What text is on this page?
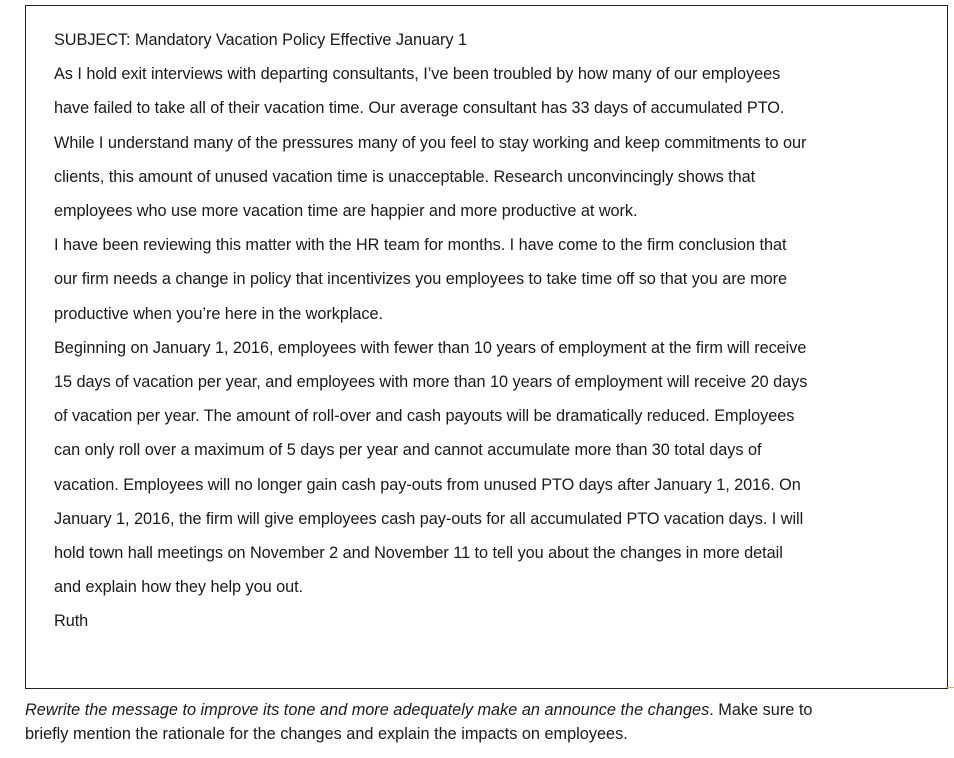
SUBJECT: Mandatory Vacation Policy Effective January 1
As I hold exit interviews with departing consultants, I’ve been troubled by how many of our employees
have failed to take all of their vacation time. Our average consultant has 33 days of accumulated PTO.
While I understand many of the pressures many of you feel to stay working and keep commitments to our
clients, this amount of unused vacation time is unacceptable. Research unconvincingly shows that
employees who use more vacation time are happier and more productive at work.
I have been reviewing this matter with the HR team for months. I have come to the firm conclusion that
our firm needs a change in policy that incentivizes you employees to take time off so that you are more
productive when you’re here in the workplace.
Beginning on January 1, 2016, employees with fewer than 10 years of employment at the firm will receive
15 days of vacation per year, and employees with more than 10 years of employment will receive 20 days
of vacation per year. The amount of roll-over and cash payouts will be dramatically reduced. Employees
can only roll over a maximum of 5 days per year and cannot accumulate more than 30 total days of
vacation. Employees will no longer gain cash pay-outs from unused PTO days after January 1, 2016. On
January 1, 2016, the firm will give employees cash pay-outs for all accumulated PTO vacation days. I will
hold town hall meetings on November 2 and November 11 to tell you about the changes in more detail
and explain how they help you out.
Ruth
Rewrite the message to improve its tone and more adequately make an announce the changes. Make sure to
briefly mention the rationale for the changes and explain the impacts on employees.
